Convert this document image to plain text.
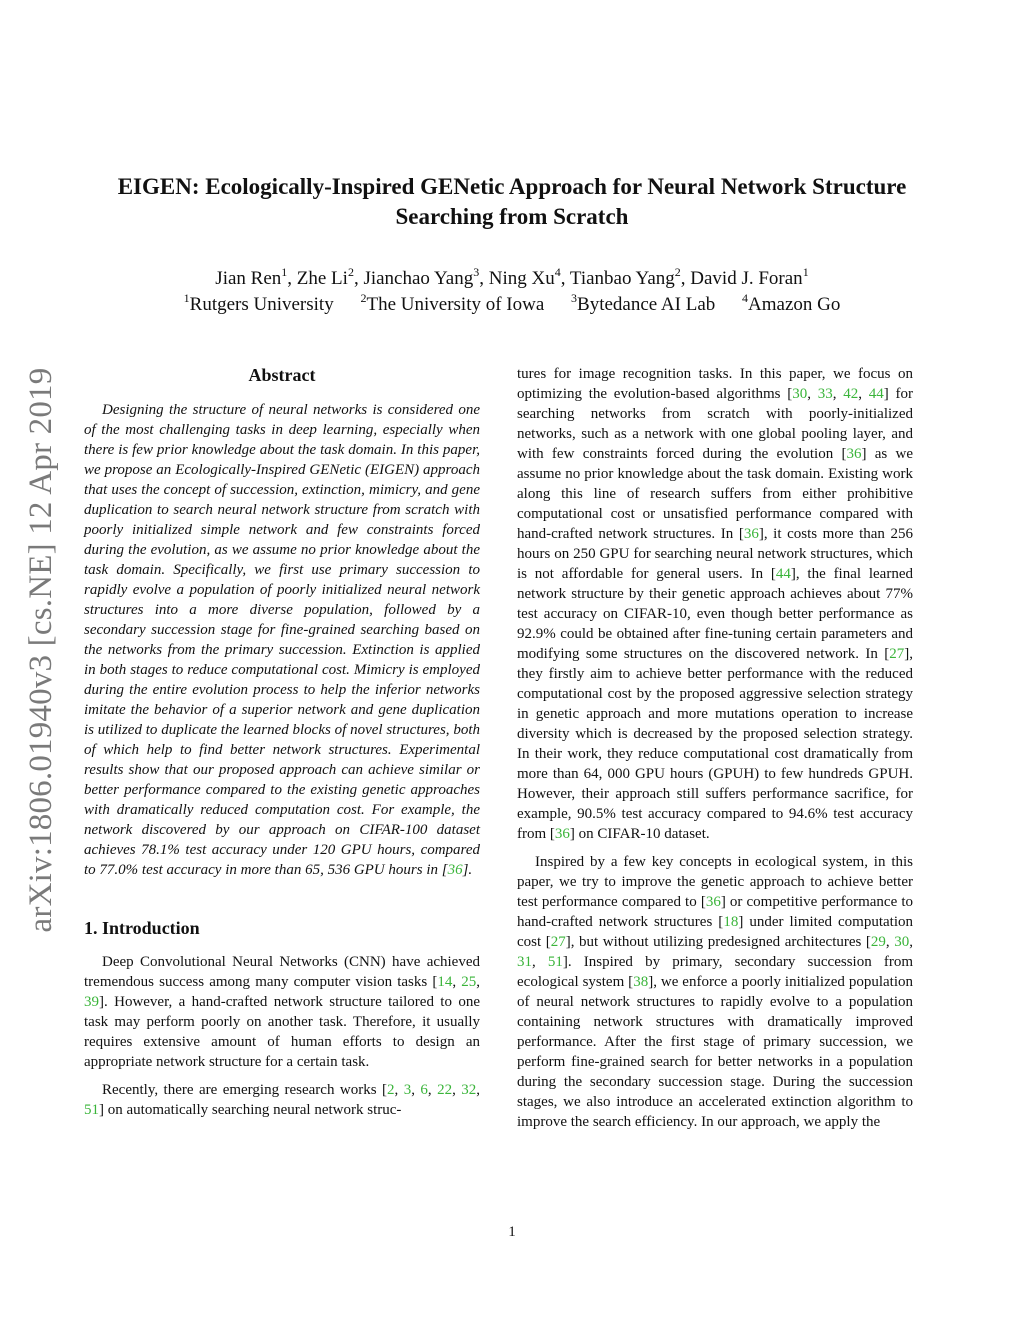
arXiv:1806.01940v3 [cs.NE] 12 Apr 2019
EIGEN: Ecologically-Inspired GENetic Approach for Neural Network Structure
Searching from Scratch
Jian Ren$^1$, Zhe Li$^2$, Jianchao Yang$^3$, Ning Xu$^4$, Tianbao Yang$^2$, David J. Foran$^1$
$^1$Rutgers University $^2$The University of Iowa $^3$Bytedance AI Lab $^4$Amazon Go
Abstract

Designing the structure of neural networks is considered one of the most challenging tasks in deep learning, especially when there is few prior knowledge about the task domain. In this paper, we propose an Ecologically-Inspired GENetic (EIGEN) approach that uses the concept of succession, extinction, mimicry, and gene duplication to search neural network structure from scratch with poorly initialized simple network and few constraints forced during the evolution, as we assume no prior knowledge about the task domain. Specifically, we first use primary succession to rapidly evolve a population of poorly initialized neural network structures into a more diverse population, followed by a secondary succession stage for fine-grained searching based on the networks from the primary succession. Extinction is applied in both stages to reduce computational cost. Mimicry is employed during the entire evolution process to help the inferior networks imitate the behavior of a superior network and gene duplication is utilized to duplicate the learned blocks of novel structures, both of which help to find better network structures. Experimental results show that our proposed approach can achieve similar or better performance compared to the existing genetic approaches with dramatically reduced computation cost. For example, the network discovered by our approach on CIFAR-100 dataset achieves 78.1% test accuracy under 120 GPU hours, compared to 77.0% test accuracy in more than 65, 536 GPU hours in [36].

1. Introduction

Deep Convolutional Neural Networks (CNN) have achieved tremendous success among many computer vision tasks [14, 25, 39]. However, a hand-crafted network structure tailored to one task may perform poorly on another task. Therefore, it usually requires extensive amount of human efforts to design an appropriate network structure for a certain task.

Recently, there are emerging research works [2, 3, 6, 22, 32, 51] on automatically searching neural network struc-

tures for image recognition tasks. In this paper, we focus on optimizing the evolution-based algorithms [30, 33, 42, 44] for searching networks from scratch with poorly-initialized networks, such as a network with one global pooling layer, and with few constraints forced during the evolution [36] as we assume no prior knowledge about the task domain. Existing work along this line of research suffers from either prohibitive computational cost or unsatisfied performance compared with hand-crafted network structures. In [36], it costs more than 256 hours on 250 GPU for searching neural network structures, which is not affordable for general users. In [44], the final learned network structure by their genetic approach achieves about 77% test accuracy on CIFAR-10, even though better performance as 92.9% could be obtained after fine-tuning certain parameters and modifying some structures on the discovered network. In [27], they firstly aim to achieve better performance with the reduced computational cost by the proposed aggressive selection strategy in genetic approach and more mutations operation to increase diversity which is decreased by the proposed selection strategy. In their work, they reduce computational cost dramatically from more than 64, 000 GPU hours (GPUH) to few hundreds GPUH. However, their approach still suffers performance sacrifice, for example, 90.5% test accuracy compared to 94.6% test accuracy from [36] on CIFAR-10 dataset.

Inspired by a few key concepts in ecological system, in this paper, we try to improve the genetic approach to achieve better test performance compared to [36] or competitive performance to hand-crafted network structures [18] under limited computation cost [27], but without utilizing predesigned architectures [29, 30, 31, 51]. Inspired by primary, secondary succession from ecological system [38], we enforce a poorly initialized population of neural network structures to rapidly evolve to a population containing network structures with dramatically improved performance. After the first stage of primary succession, we perform fine-grained search for better networks in a population during the secondary succession stage. During the succession stages, we also introduce an accelerated extinction algorithm to improve the search efficiency. In our approach, we apply the

1
